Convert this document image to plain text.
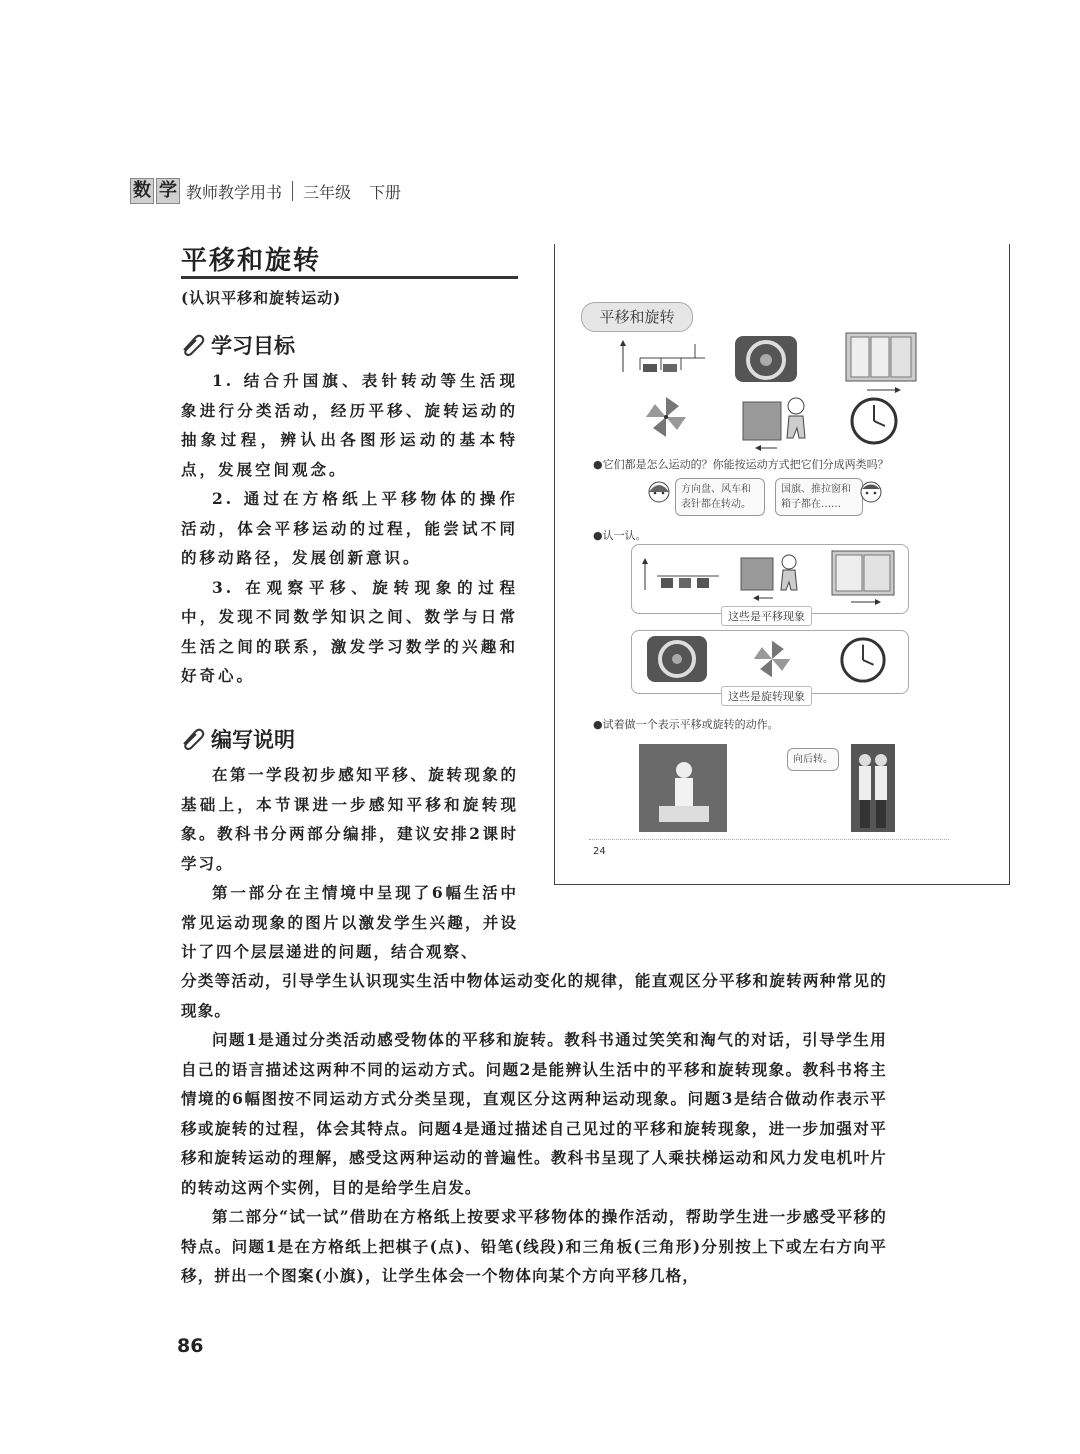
数 学 教师教学用书 三年级 下册
平移和旋转
(认识平移和旋转运动)
学习目标

1. 结合升国旗、表针转动等生活现象进行分类活动，经历平移、旋转运动的抽象过程，辨认出各图形运动的基本特点，发展空间观念。

2. 通过在方格纸上平移物体的操作活动，体会平移运动的过程，能尝试不同的移动路径，发展创新意识。

3. 在观察平移、旋转现象的过程中，发现不同数学知识之间、数学与日常生活之间的联系，激发学习数学的兴趣和好奇心。

编写说明

在第一学段初步感知平移、旋转现象的基础上，本节课进一步感知平移和旋转现象。教科书分两部分编排，建议安排2课时学习。

第一部分在主情境中呈现了6幅生活中常见运动现象的图片以激发学生兴趣，并设计了四个层层递进的问题，结合观察、

分类等活动，引导学生认识现实生活中物体运动变化的规律，能直观区分平移和旋转两种常见的现象。

问题1是通过分类活动感受物体的平移和旋转。教科书通过笑笑和淘气的对话，引导学生用自己的语言描述这两种不同的运动方式。问题2是能辨认生活中的平移和旋转现象。教科书将主情境的6幅图按不同运动方式分类呈现，直观区分这两种运动现象。问题3是结合做动作表示平移或旋转的过程，体会其特点。问题4是通过描述自己见过的平移和旋转现象，进一步加强对平移和旋转运动的理解，感受这两种运动的普遍性。教科书呈现了人乘扶梯运动和风力发电机叶片的转动这两个实例，目的是给学生启发。

第二部分“试一试”借助在方格纸上按要求平移物体的操作活动，帮助学生进一步感受平移的特点。问题1是在方格纸上把棋子(点)、铅笔(线段)和三角板(三角形)分别按上下或左右方向平移，拼出一个图案(小旗)，让学生体会一个物体向某个方向平移几格，

平移和旋转
●它们都是怎么运动的？你能按运动方式把它们分成两类吗？
方向盘、风车和表针都在转动。
国旗、推拉窗和箱子都在……
●认一认。
这些是平移现象
这些是旋转现象
●试着做一个表示平移或旋转的动作。
向后转。
24
86
